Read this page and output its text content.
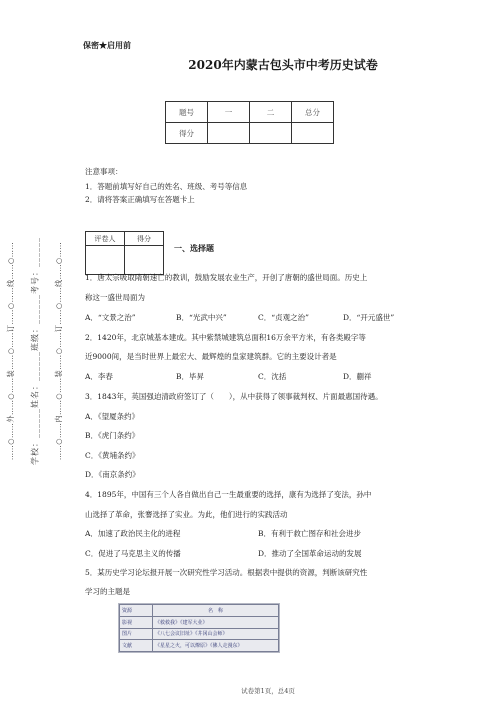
……○……外……○……装……○……订……○……线……○…… 学校：______姓名：______班级：______考号：______ ……○……内……○……装……○……订……○……线……○……
保密★启用前
2020年内蒙古包头市中考历史试卷
题号	一	二	总分
得分			
注意事项：
1．答题前填写好自己的姓名、班级、考号等信息
2．请将答案正确填写在答题卡上
评卷人	得分

一、选择题
1．唐太宗吸取隋朝速亡的教训，鼓励发展农业生产，开创了唐朝的盛世局面。历史上
称这一盛世局面为
A．“文景之治”	B．“光武中兴”	C．“贞观之治”	D．“开元盛世”
2．1420年，北京城基本建成。其中紫禁城建筑总面积16万余平方米，有各类殿字等
近9000间，是当时世界上最宏大、最辉煌的皇家建筑群。它的主要设计者是
A．李春	B．毕昇	C．沈括	D．蒯祥
3．1843年，英国强迫清政府签订了（　　），从中获得了领事裁判权、片面最惠国待遇。
A．《望厦条约》
B．《虎门条约》
C．《黄埔条约》
D．《南京条约》
4．1895年，中国有三个人各自做出自己一生最重要的选择，康有为选择了变法，孙中
山选择了革命，张謇选择了实业。为此，他们进行的实践活动
A．加速了政治民主化的进程	B．有利于救亡图存和社会进步
C．促进了马克思主义的传播	D．推动了全国革命运动的发展
5．某历史学习论坛报开展一次研究性学习活动。根据表中提供的资源，判断该研究性
学习的主题是
资源	名　称
影视	《救救我》《建军大业》
图片	《八七会议旧址》《井冈山会师》
文献	《星星之火，可以燎原》《佛人走漫东》
试卷第1页，总4页
